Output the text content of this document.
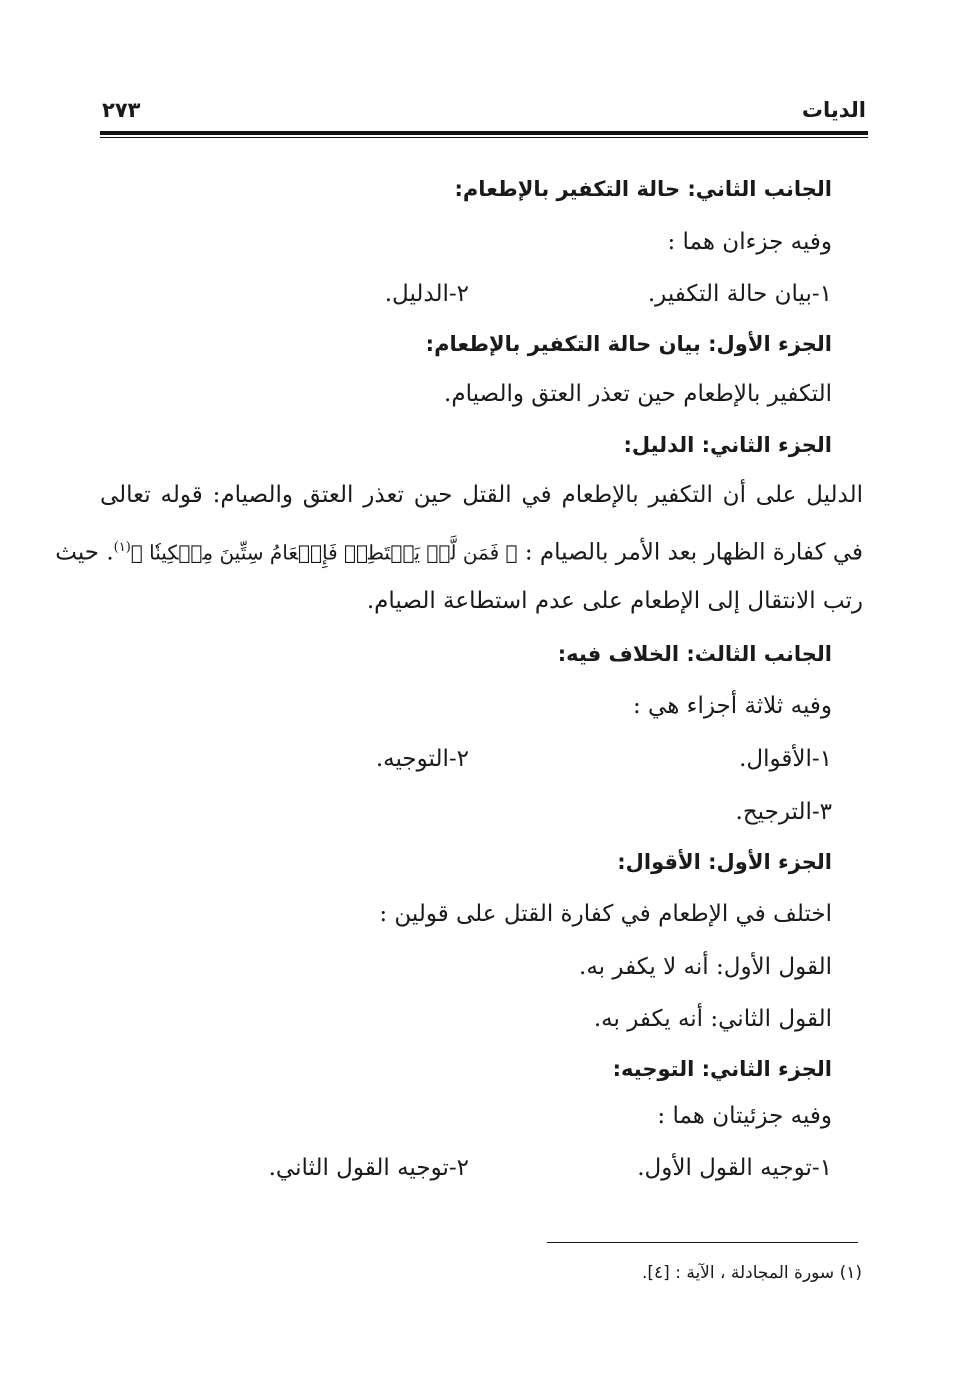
الديات
٢٧٣
الجانب الثاني: حالة التكفير بالإطعام:
وفيه جزءان هما :
١-بيان حالة التكفير.
٢-الدليل.
الجزء الأول: بيان حالة التكفير بالإطعام:
التكفير بالإطعام حين تعذر العتق والصيام.
الجزء الثاني: الدليل:
الدليل على أن التكفير بالإطعام في القتل حين تعذر العتق والصيام: قوله تعالى
في كفارة الظهار بعد الأمر بالصيام : ﴿ فَمَن لَّمۡ يَسۡتَطِعۡ فَإِطۡعَامُ سِتِّينَ مِسۡكِينٗا ﴾$^{(١)}$. حيث
رتب الانتقال إلى الإطعام على عدم استطاعة الصيام.
الجانب الثالث: الخلاف فيه:
وفيه ثلاثة أجزاء هي :
١-الأقوال.
٢-التوجيه.
٣-الترجيح.
الجزء الأول: الأقوال:
اختلف في الإطعام في كفارة القتل على قولين :
القول الأول: أنه لا يكفر به.
القول الثاني: أنه يكفر به.
الجزء الثاني: التوجيه:
وفيه جزئيتان هما :
١-توجيه القول الأول.
٢-توجيه القول الثاني.
(١) سورة المجادلة ، الآية : [٤].
